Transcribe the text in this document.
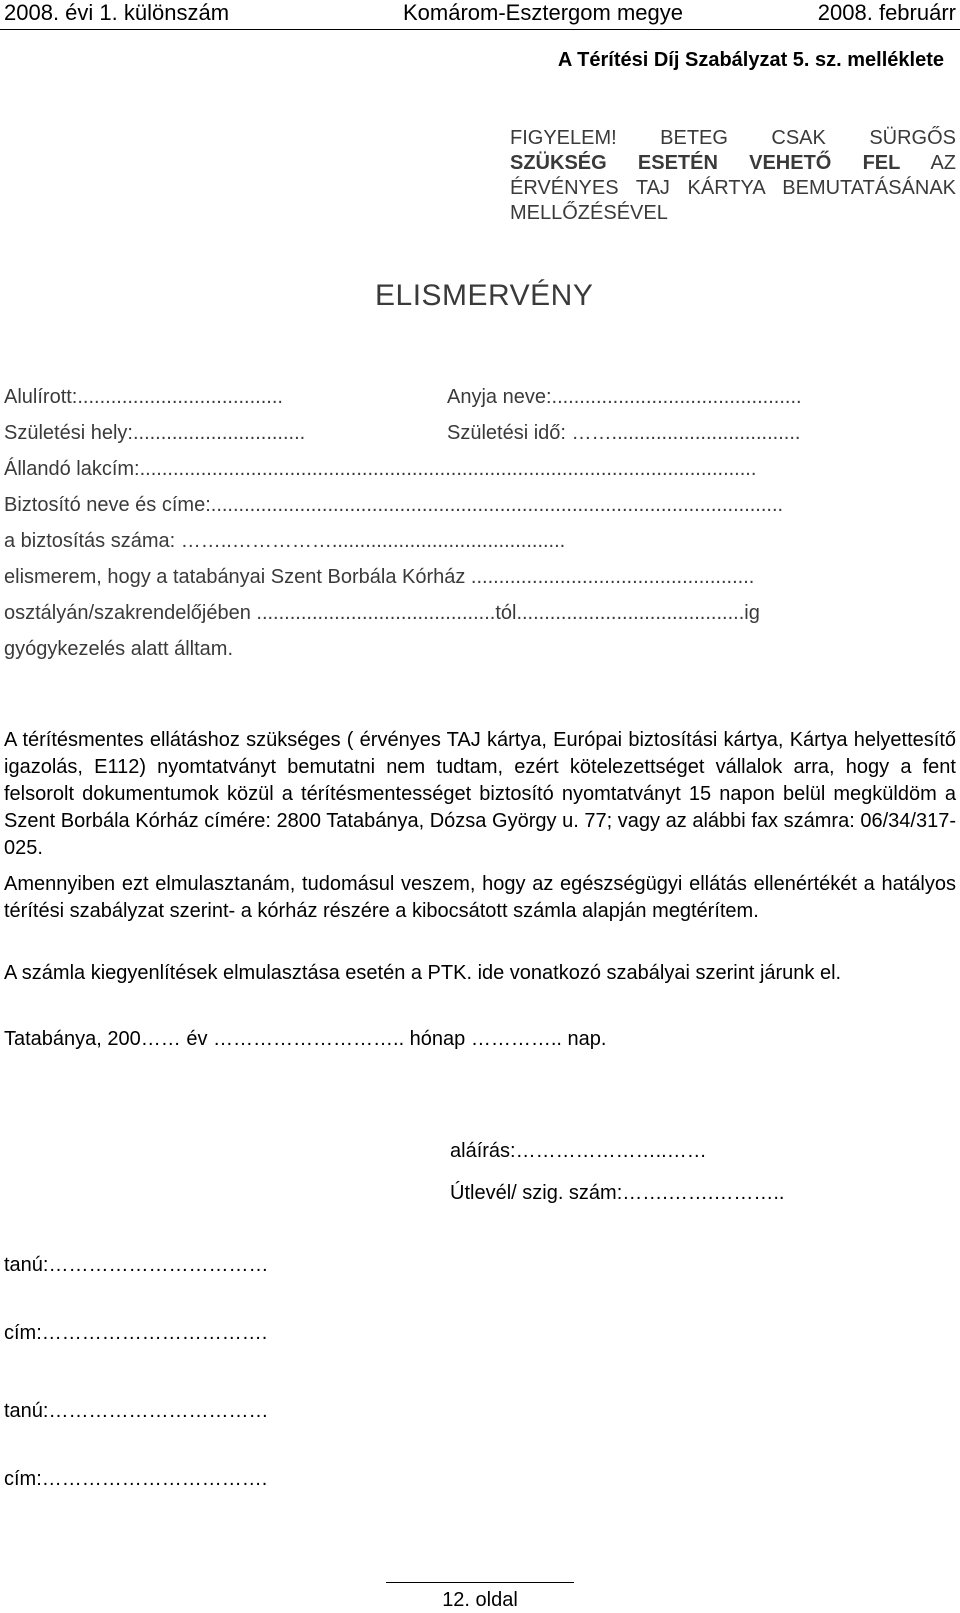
2008. évi 1. különszám	Komárom-Esztergom megye	2008. februárr
A Térítési Díj Szabályzat 5. sz. melléklete
FIGYELEM! BETEG CSAK SÜRGŐS
SZÜKSÉG ESETÉN VEHETŐ FEL AZ
ÉRVÉNYES TAJ KÁRTYA BEMUTATÁSÁNAK
MELLŐZÉSÉVEL
ELISMERVÉNY
Alulírott:.....................................	Anyja neve:.............................................
Születési hely:...............................	Születési idő: ……..................................
Állandó lakcím:...............................................................................................................
Biztosító neve és címe:.......................................................................................................
a biztosítás száma: ……..……………..........................................
elismerem, hogy a tatabányai Szent Borbála Kórház ...................................................
osztályán/szakrendelőjében ...........................................tól.........................................ig
gyógykezelés alatt álltam.

A térítésmentes ellátáshoz szükséges ( érvényes TAJ kártya, Európai biztosítási kártya, Kártya helyettesítő igazolás, E112) nyomtatványt bemutatni nem tudtam, ezért kötelezettséget vállalok arra, hogy a fent felsorolt dokumentumok közül a térítésmentességet biztosító nyomtatványt 15 napon belül megküldöm a Szent Borbála Kórház címére: 2800 Tatabánya, Dózsa György u. 77; vagy az alábbi fax számra: 06/34/317-025.

Amennyiben ezt elmulasztanám, tudomásul veszem, hogy az egészségügyi ellátás ellenértékét a hatályos térítési szabályzat szerint- a kórház részére a kibocsátott számla alapján megtérítem.

A számla kiegyenlítések elmulasztása esetén a PTK. ide vonatkozó szabályai szerint járunk el.

Tatabánya, 200…… év ……………………….. hónap ………….. nap.
aláírás:…………………..……
Útlevél/ szig. szám:…….…….………..
tanú:……………………………
cím:…………………………….
tanú:……………………………
cím:…………………………….
12. oldal
